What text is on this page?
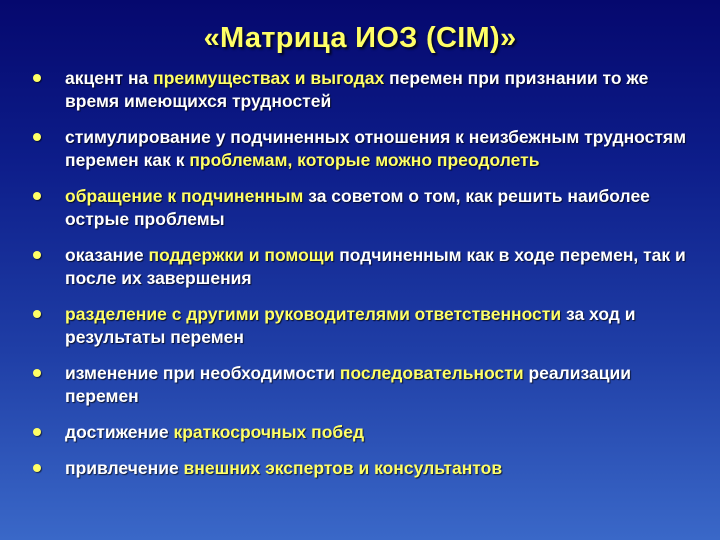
«Матрица ИОЗ (CIM)»
акцент на преимуществах и выгодах перемен при признании то же время имеющихся трудностей
стимулирование у подчиненных отношения к неизбежным трудностям перемен как к проблемам, которые можно преодолеть
обращение к подчиненным за советом о том, как решить наиболее острые проблемы
оказание поддержки и помощи подчиненным как в ходе перемен, так и после их завершения
разделение с другими руководителями ответственности за ход и результаты перемен
изменение при необходимости последовательности реализации перемен
достижение краткосрочных побед
привлечение внешних экспертов и консультантов
